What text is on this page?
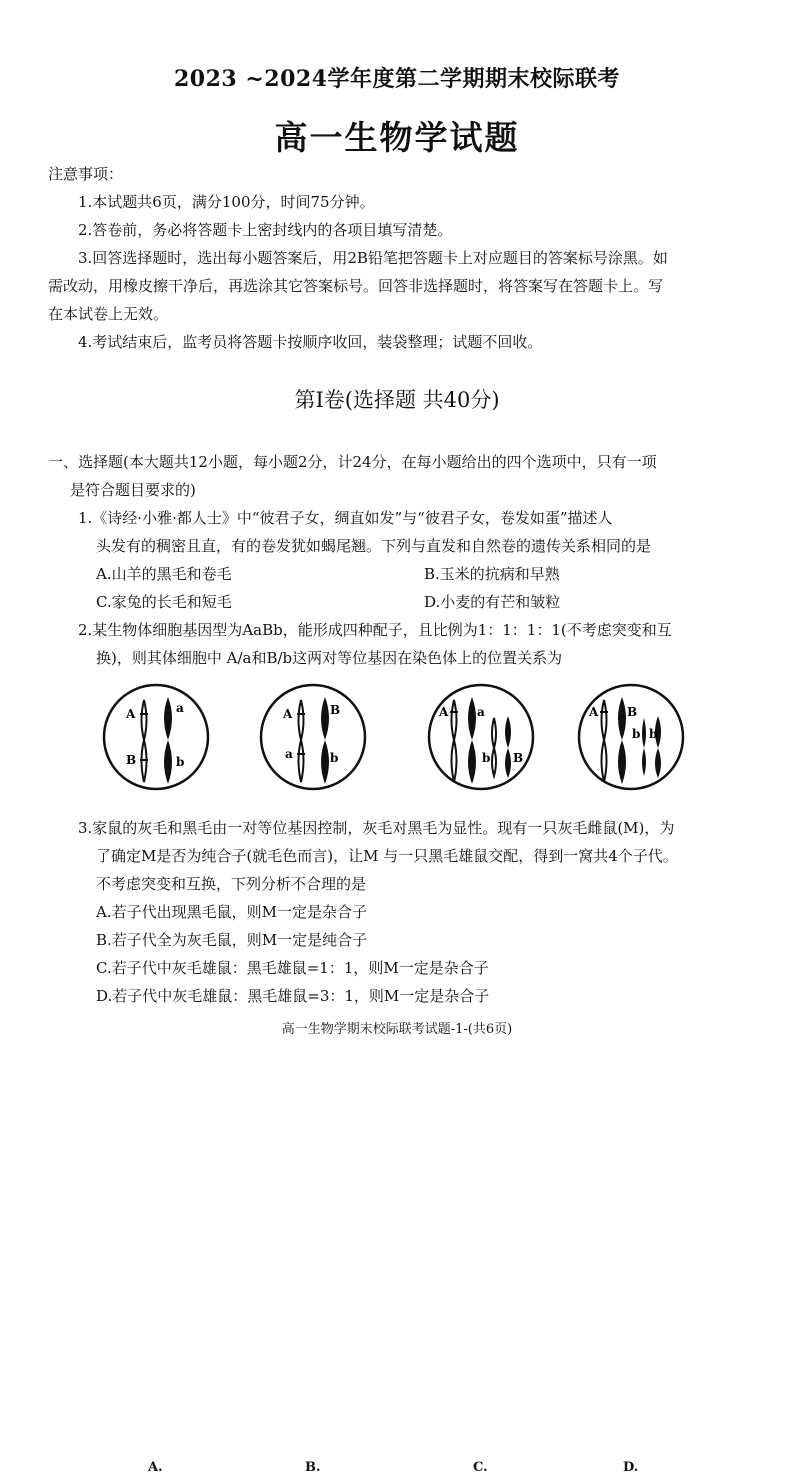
2023 ~2024学年度第二学期期末校际联考
高一生物学试题
注意事项：
1.本试题共6页，满分100分，时间75分钟。
2.答卷前，务必将答题卡上密封线内的各项目填写清楚。
3.回答选择题时，选出每小题答案后，用2B铅笔把答题卡上对应题目的答案标号涂黑。如
需改动，用橡皮擦干净后，再选涂其它答案标号。回答非选择题时，将答案写在答题卡上。写
在本试卷上无效。
4.考试结束后，监考员将答题卡按顺序收回，装袋整理；试题不回收。
第Ⅰ卷(选择题 共40分)
一、选择题(本大题共12小题，每小题2分，计24分，在每小题给出的四个选项中，只有一项
是符合题目要求的)
1.《诗经·小雅·都人士》中“彼君子女，绸直如发”与“彼君子女，卷发如蛋”描述人
头发有的稠密且直，有的卷发犹如蝎尾翘。下列与直发和自然卷的遗传关系相同的是
A.山羊的黑毛和卷毛	B.玉米的抗病和早熟
C.家兔的长毛和短毛	D.小麦的有芒和皱粒
2.某生物体细胞基因型为AaBb，能形成四种配子，且比例为1：1：1：1(不考虑突变和互
换)，则其体细胞中 A/a和B/b这两对等位基因在染色体上的位置关系为
A
B
a
b
A
a
B
b
A a
b B
A B
b b
A.	B.	C.	D.
3.家鼠的灰毛和黑毛由一对等位基因控制，灰毛对黑毛为显性。现有一只灰毛雌鼠(M)，为
了确定M是否为纯合子(就毛色而言)，让M 与一只黑毛雄鼠交配，得到一窝共4个子代。
不考虑突变和互换，下列分析不合理的是
A.若子代出现黑毛鼠，则M一定是杂合子
B.若子代全为灰毛鼠，则M一定是纯合子
C.若子代中灰毛雄鼠：黑毛雄鼠=1：1，则M一定是杂合子
D.若子代中灰毛雄鼠：黑毛雄鼠=3：1，则M一定是杂合子
高一生物学期末校际联考试题-1-(共6页)
